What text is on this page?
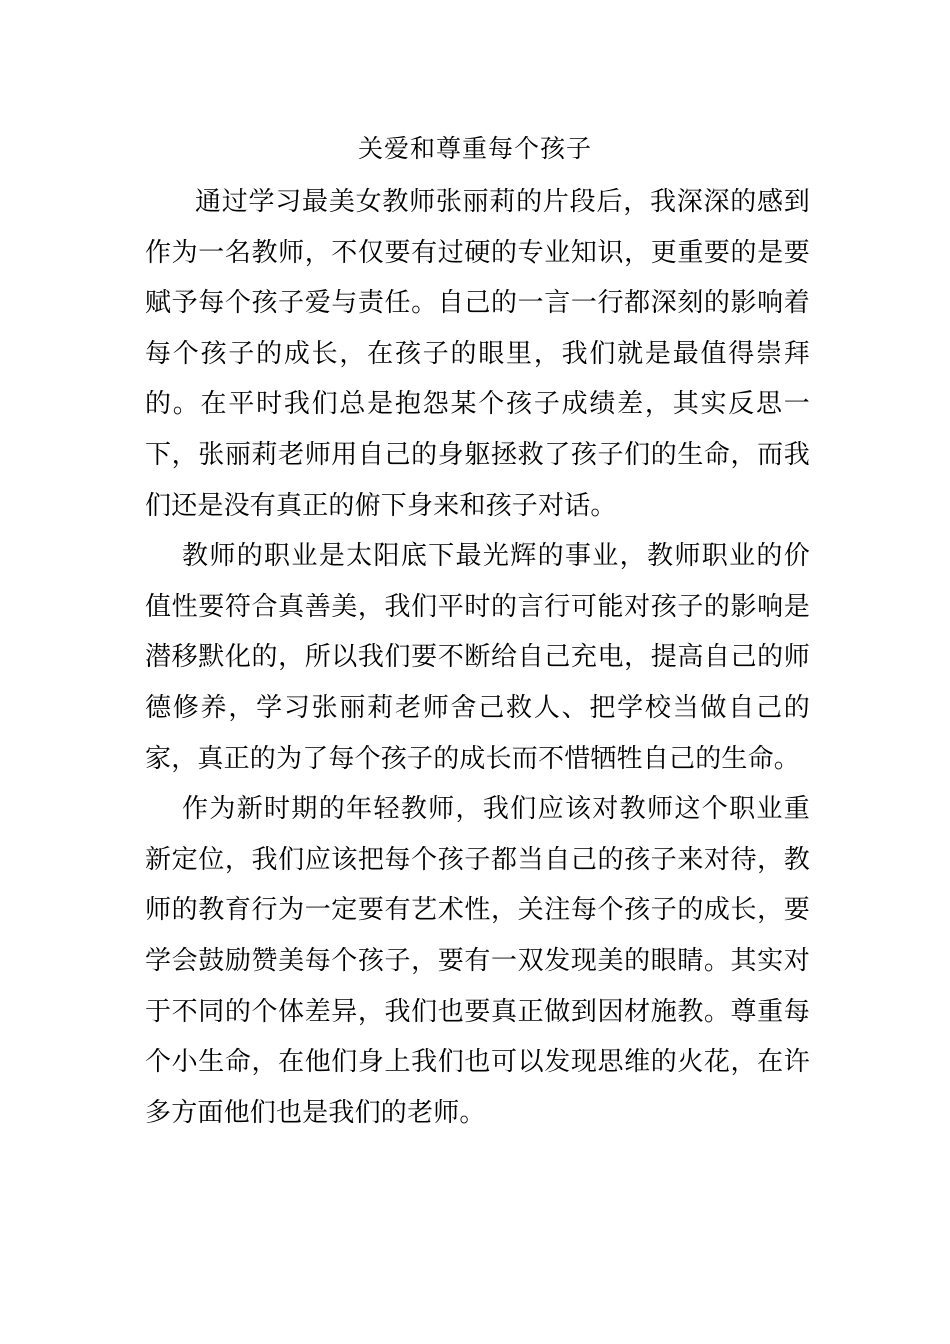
关爱和尊重每个孩子

通过学习最美女教师张丽莉的片段后，我深深的感到作为一名教师，不仅要有过硬的专业知识，更重要的是要赋予每个孩子爱与责任。自己的一言一行都深刻的影响着每个孩子的成长，在孩子的眼里，我们就是最值得崇拜的。在平时我们总是抱怨某个孩子成绩差，其实反思一下，张丽莉老师用自己的身躯拯救了孩子们的生命，而我们还是没有真正的俯下身来和孩子对话。

教师的职业是太阳底下最光辉的事业，教师职业的价值性要符合真善美，我们平时的言行可能对孩子的影响是潜移默化的，所以我们要不断给自己充电，提高自己的师德修养，学习张丽莉老师舍己救人、把学校当做自己的家，真正的为了每个孩子的成长而不惜牺牲自己的生命。

作为新时期的年轻教师，我们应该对教师这个职业重新定位，我们应该把每个孩子都当自己的孩子来对待，教师的教育行为一定要有艺术性，关注每个孩子的成长，要学会鼓励赞美每个孩子，要有一双发现美的眼睛。其实对于不同的个体差异，我们也要真正做到因材施教。尊重每个小生命，在他们身上我们也可以发现思维的火花，在许多方面他们也是我们的老师。
